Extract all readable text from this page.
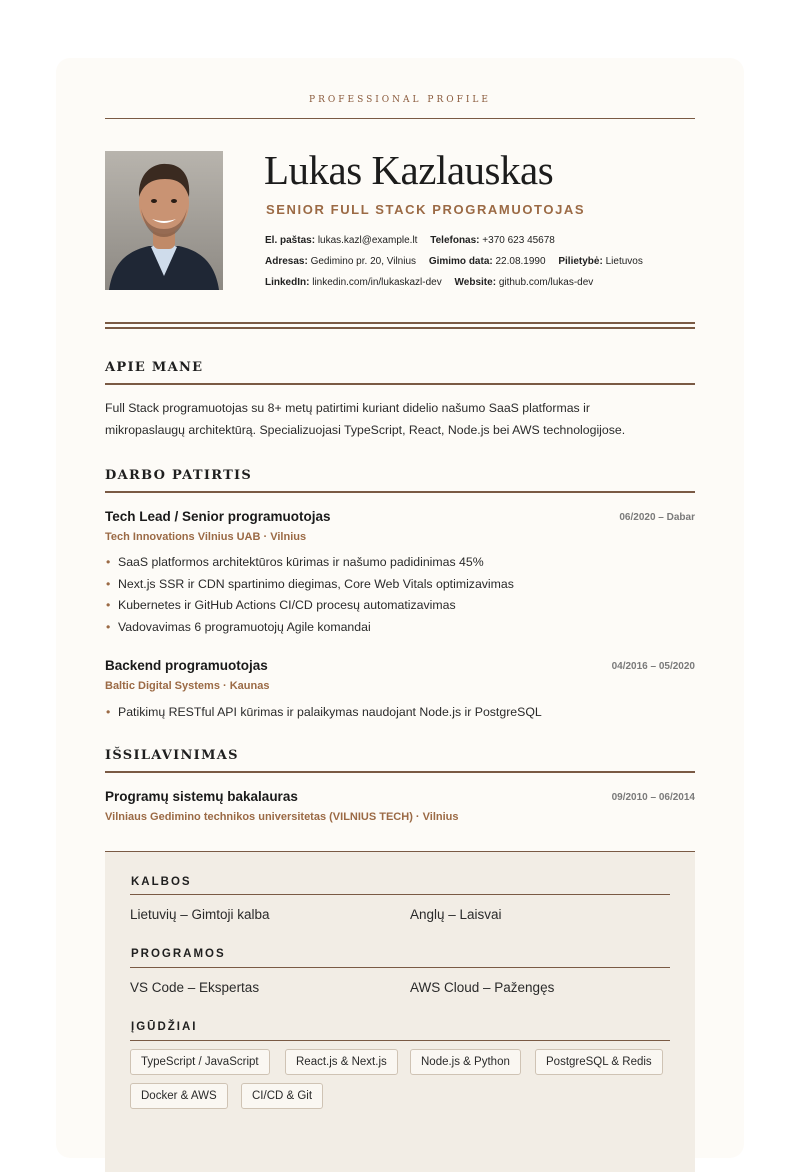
PROFESSIONAL PROFILE
Lukas Kazlauskas
SENIOR FULL STACK PROGRAMUOTOJAS
El. paštas: lukas.kazl@example.lt Telefonas: +370 623 45678
Adresas: Gedimino pr. 20, Vilnius Gimimo data: 22.08.1990 Pilietybė: Lietuvos
LinkedIn: linkedin.com/in/lukaskazl-dev Website: github.com/lukas-dev
APIE MANE
Full Stack programuotojas su 8+ metų patirtimi kuriant didelio našumo SaaS platformas ir
mikropaslaugų architektūrą. Specializuojasi TypeScript, React, Node.js bei AWS technologijose.
DARBO PATIRTIS
Tech Lead / Senior programuotojas	06/2020 – Dabar
Tech Innovations Vilnius UAB · Vilnius
• SaaS platformos architektūros kūrimas ir našumo padidinimas 45%
• Next.js SSR ir CDN spartinimo diegimas, Core Web Vitals optimizavimas
• Kubernetes ir GitHub Actions CI/CD procesų automatizavimas
• Vadovavimas 6 programuotojų Agile komandai
Backend programuotojas	04/2016 – 05/2020
Baltic Digital Systems · Kaunas
• Patikimų RESTful API kūrimas ir palaikymas naudojant Node.js ir PostgreSQL
IŠSILAVINIMAS
Programų sistemų bakalauras	09/2010 – 06/2014
Vilniaus Gedimino technikos universitetas (VILNIUS TECH) · Vilnius
KALBOS
Lietuvių – Gimtoji kalba	Anglų – Laisvai
PROGRAMOS
VS Code – Ekspertas	AWS Cloud – Pažengęs
ĮGŪDŽIAI
TypeScript / JavaScript	React.js & Next.js	Node.js & Python	PostgreSQL & Redis
Docker & AWS	CI/CD & Git
